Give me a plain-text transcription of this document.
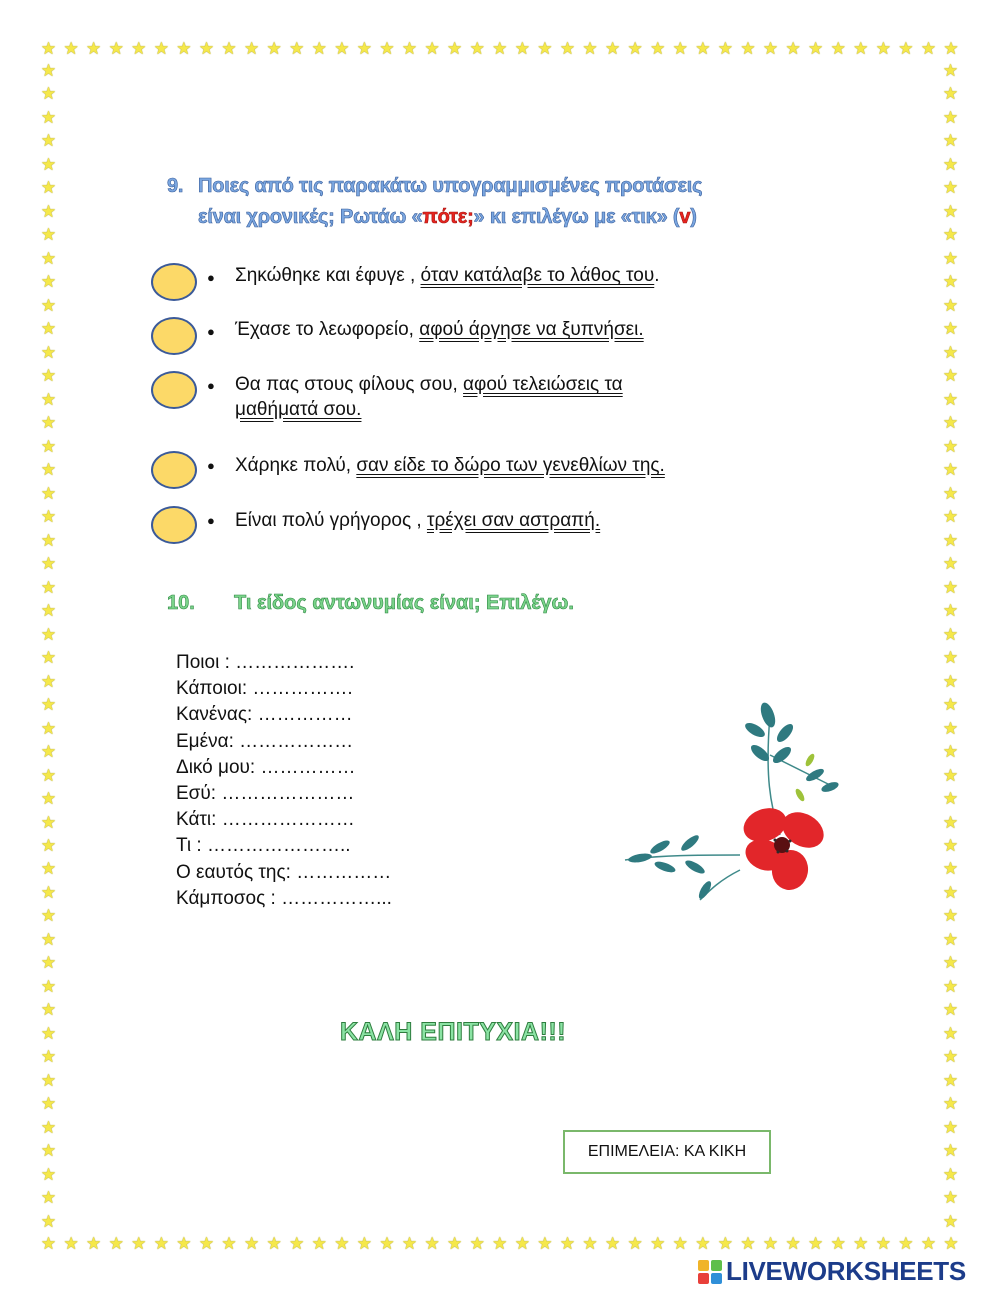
★ ★ ★ ★ ★ ★ ★ ★ ★ ★ ★ ★ ★ ★ ★ ★ ★ ★ ★ ★ ★ ★ ★ ★ ★ ★ ★ ★ ★ ★ ★ ★ ★ ★ ★ ★ ★ ★ ★ ★ ★
★ ★ ★ ★ ★ ★ ★ ★ ★ ★ ★ ★ ★ ★ ★ ★ ★ ★ ★ ★ ★ ★ ★ ★ ★ ★ ★ ★ ★ ★ ★ ★ ★ ★ ★ ★ ★ ★ ★ ★ ★
★
★
★
★
★
★
★
★
★
★
★
★
★
★
★
★
★
★
★
★
★
★
★
★
★
★
★
★
★
★
★
★
★
★
★
★
★
★
★
★
★
★
★
★
★
★
★
★
★
★
★
★
★
★
★
★
★
★
★
★
★
★
★
★
★
★
★
★
★
★
★
★
★
★
★
★
★
★
★
★
★
★
★
★
★
★
★
★
★
★
★
★
★
★
★
★
★
★
★
★
9. Ποιες από τις παρακάτω υπογραμμισμένες προτάσεις
είναι χρονικές; Ρωτάω «πότε;» κι επιλέγω με «τικ» (v)
● Σηκώθηκε και έφυγε , όταν κατάλαβε το λάθος του.
● Έχασε το λεωφορείο, αφού άργησε να ξυπνήσει.
● Θα πας στους φίλους σου, αφού τελειώσεις τα
μαθήματά σου.
● Χάρηκε πολύ, σαν είδε το δώρο των γενεθλίων της.
● Είναι πολύ γρήγορος , τρέχει σαν αστραπή.
10. Τι είδος αντωνυμίας είναι; Επιλέγω.
Ποιοι : ……………….
Κάποιοι: …………….
Κανένας: ……………
Εμένα: ………………
Δικό μου: ……………
Εσύ: …………………
Κάτι: …………………
Τι : …………………..
Ο εαυτός της: ……………
Κάμποσος : ……………...
ΚΑΛΗ ΕΠΙΤΥΧΙΑ!!!
ΕΠΙΜΕΛΕΙΑ: ΚΑ ΚΙΚΗ
LIVEWORKSHEETS
